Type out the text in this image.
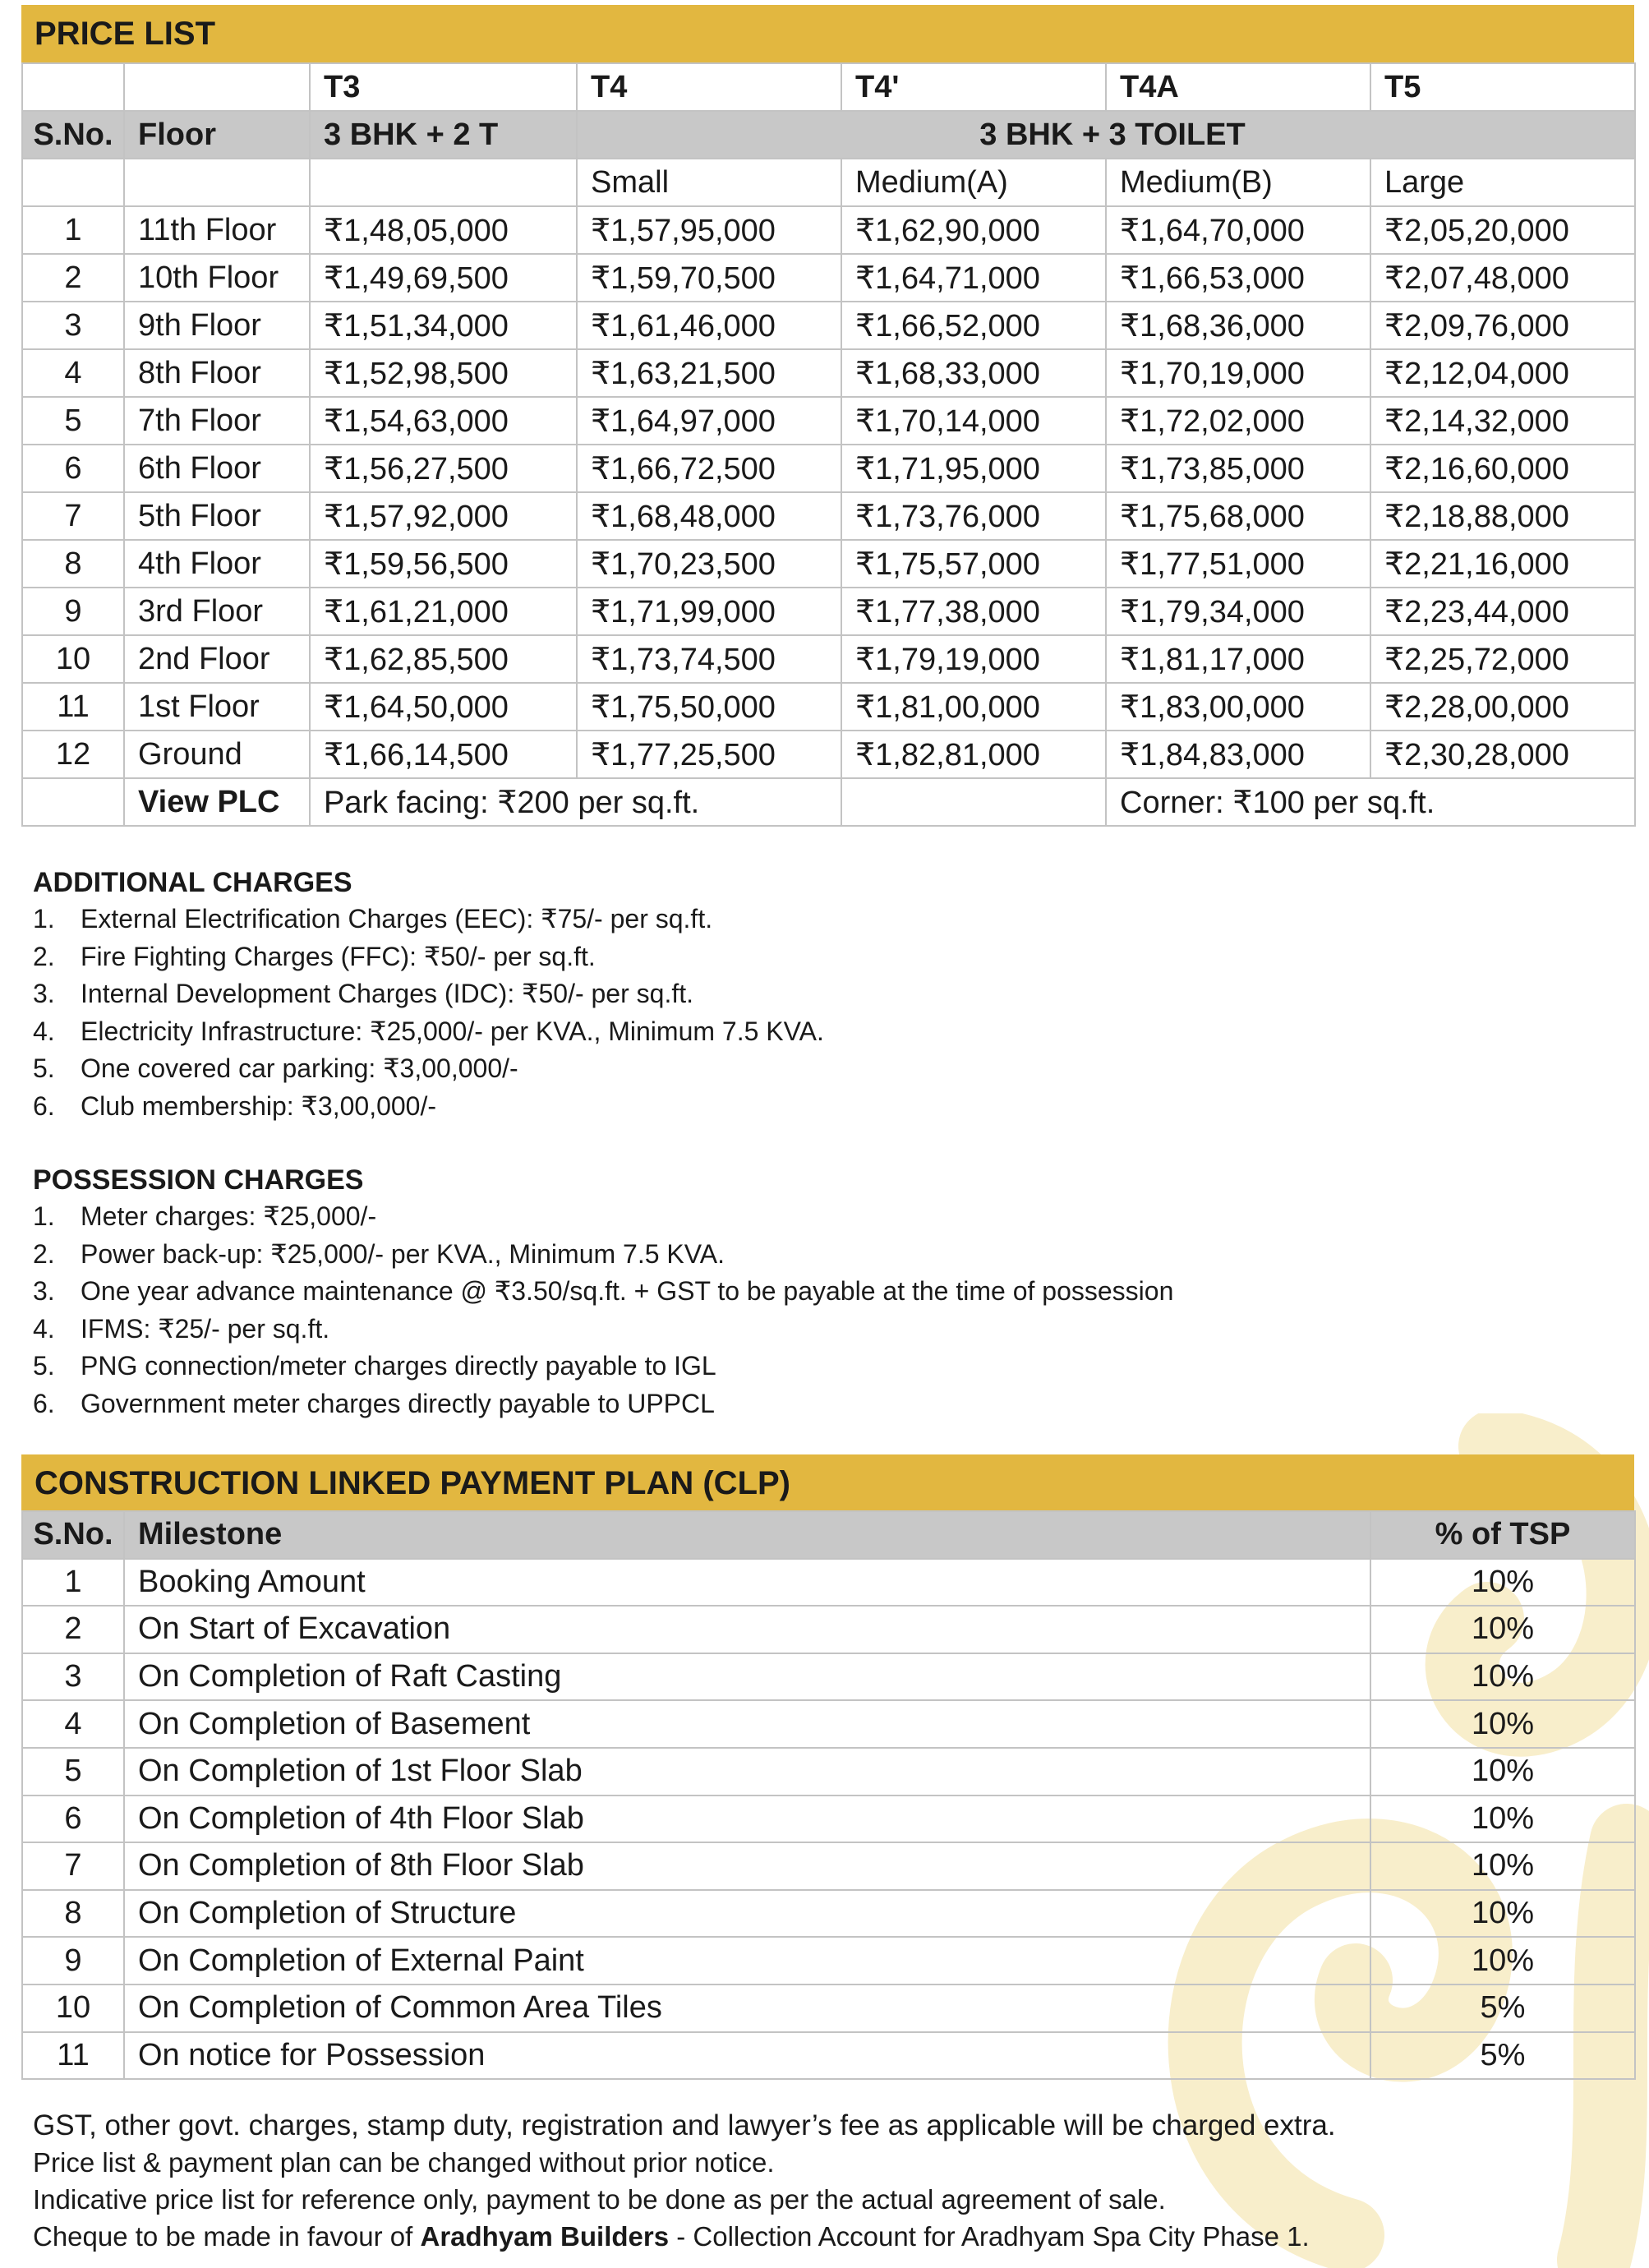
PRICE LIST
		T3	T4	T4'	T4A	T5
S.No.	Floor	3 BHK + 2 T	3 BHK + 3 TOILET			
			Small	Medium(A)	Medium(B)	Large
1	11th Floor	₹1,48,05,000	₹1,57,95,000	₹1,62,90,000	₹1,64,70,000	₹2,05,20,000
2	10th Floor	₹1,49,69,500	₹1,59,70,500	₹1,64,71,000	₹1,66,53,000	₹2,07,48,000
3	9th Floor	₹1,51,34,000	₹1,61,46,000	₹1,66,52,000	₹1,68,36,000	₹2,09,76,000
4	8th Floor	₹1,52,98,500	₹1,63,21,500	₹1,68,33,000	₹1,70,19,000	₹2,12,04,000
5	7th Floor	₹1,54,63,000	₹1,64,97,000	₹1,70,14,000	₹1,72,02,000	₹2,14,32,000
6	6th Floor	₹1,56,27,500	₹1,66,72,500	₹1,71,95,000	₹1,73,85,000	₹2,16,60,000
7	5th Floor	₹1,57,92,000	₹1,68,48,000	₹1,73,76,000	₹1,75,68,000	₹2,18,88,000
8	4th Floor	₹1,59,56,500	₹1,70,23,500	₹1,75,57,000	₹1,77,51,000	₹2,21,16,000
9	3rd Floor	₹1,61,21,000	₹1,71,99,000	₹1,77,38,000	₹1,79,34,000	₹2,23,44,000
10	2nd Floor	₹1,62,85,500	₹1,73,74,500	₹1,79,19,000	₹1,81,17,000	₹2,25,72,000
11	1st Floor	₹1,64,50,000	₹1,75,50,000	₹1,81,00,000	₹1,83,00,000	₹2,28,00,000
12	Ground	₹1,66,14,500	₹1,77,25,500	₹1,82,81,000	₹1,84,83,000	₹2,30,28,000
	View PLC	Park facing: ₹200 per sq.ft.			Corner: ₹100 per sq.ft.	
ADDITIONAL CHARGES
1. External Electrification Charges (EEC): ₹75/- per sq.ft.
2. Fire Fighting Charges (FFC): ₹50/- per sq.ft.
3. Internal Development Charges (IDC): ₹50/- per sq.ft.
4. Electricity Infrastructure: ₹25,000/- per KVA., Minimum 7.5 KVA.
5. One covered car parking: ₹3,00,000/-
6. Club membership: ₹3,00,000/-
POSSESSION CHARGES
1. Meter charges: ₹25,000/-
2. Power back-up: ₹25,000/- per KVA., Minimum 7.5 KVA.
3. One year advance maintenance @ ₹3.50/sq.ft. + GST to be payable at the time of possession
4. IFMS: ₹25/- per sq.ft.
5. PNG connection/meter charges directly payable to IGL
6. Government meter charges directly payable to UPPCL
CONSTRUCTION LINKED PAYMENT PLAN (CLP)
S.No.	Milestone	% of TSP
1	Booking Amount	10%
2	On Start of Excavation	10%
3	On Completion of Raft Casting	10%
4	On Completion of Basement	10%
5	On Completion of 1st Floor Slab	10%
6	On Completion of 4th Floor Slab	10%
7	On Completion of 8th Floor Slab	10%
8	On Completion of Structure	10%
9	On Completion of External Paint	10%
10	On Completion of Common Area Tiles	5%
11	On notice for Possession	5%

GST, other govt. charges, stamp duty, registration and lawyer’s fee as applicable will be charged extra.

Price list & payment plan can be changed without prior notice.

Indicative price list for reference only, payment to be done as per the actual agreement of sale.

Cheque to be made in favour of Aradhyam Builders - Collection Account for Aradhyam Spa City Phase 1.
